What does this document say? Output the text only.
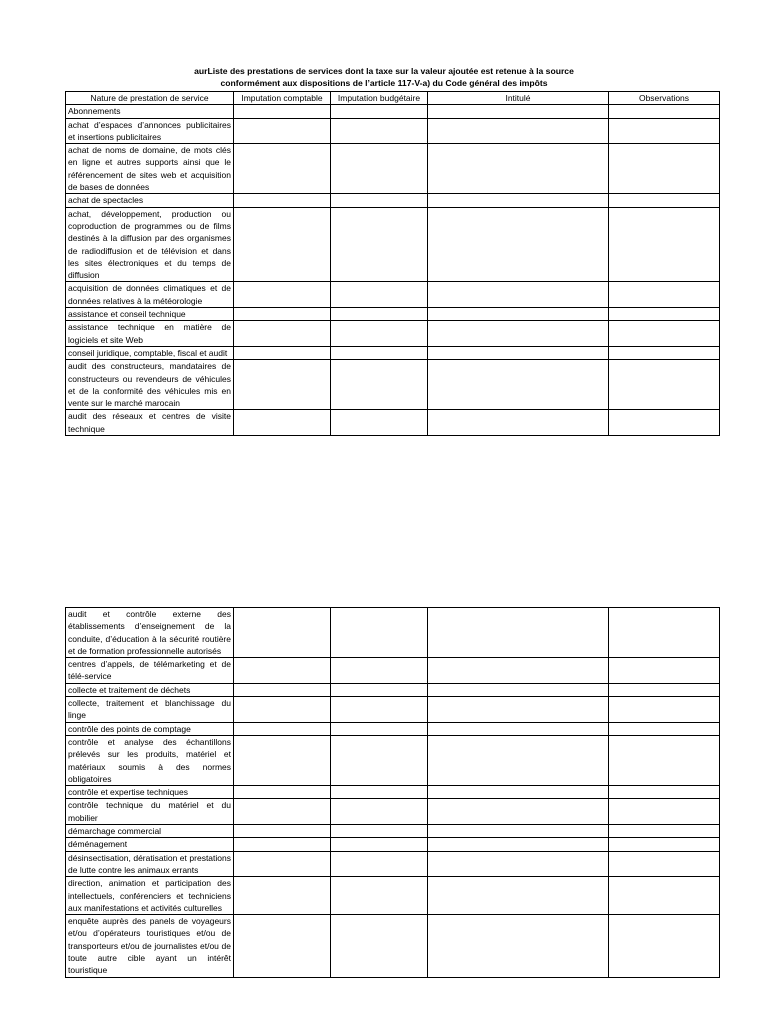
aurListe des prestations de services dont la taxe sur la valeur ajoutée est retenue à la source
conformément aux dispositions de l’article 117-V-a) du Code général des impôts
Nature de prestation de service	Imputation comptable	Imputation budgétaire	Intitulé	Observations
Abonnements				
achat d’espaces d’annonces publicitaires et insertions publicitaires				
achat de noms de domaine, de mots clés en ligne et autres supports ainsi que le référencement de sites web et acquisition de bases de données				
achat de spectacles				
achat, développement, production ou coproduction de programmes ou de films destinés à la diffusion par des organismes de radiodiffusion et de télévision et dans les sites électroniques et du temps de diffusion				
acquisition de données climatiques et de données relatives à la météorologie				
assistance et conseil technique				
assistance technique en matière de logiciels et site Web				
conseil juridique, comptable, fiscal et audit				
audit des constructeurs, mandataires de constructeurs ou revendeurs de véhicules et de la conformité des véhicules mis en vente sur le marché marocain				
audit des réseaux et centres de visite technique				
audit et contrôle externe des établissements d’enseignement de la conduite, d’éducation à la sécurité routière et de formation professionnelle autorisés				
centres d’appels, de télémarketing et de télé-service				
collecte et traitement de déchets				
collecte, traitement et blanchissage du linge				
contrôle des points de comptage				
contrôle et analyse des échantillons prélevés sur les produits, matériel et matériaux soumis à des normes obligatoires				
contrôle et expertise techniques				
contrôle technique du matériel et du mobilier				
démarchage commercial				
déménagement				
désinsectisation, dératisation et prestations de lutte contre les animaux errants				
direction, animation et participation des intellectuels, conférenciers et techniciens aux manifestations et activités culturelles				
enquête auprès des panels de voyageurs et/ou d’opérateurs touristiques et/ou de transporteurs et/ou de journalistes et/ou de toute autre cible ayant un intérêt touristique				
